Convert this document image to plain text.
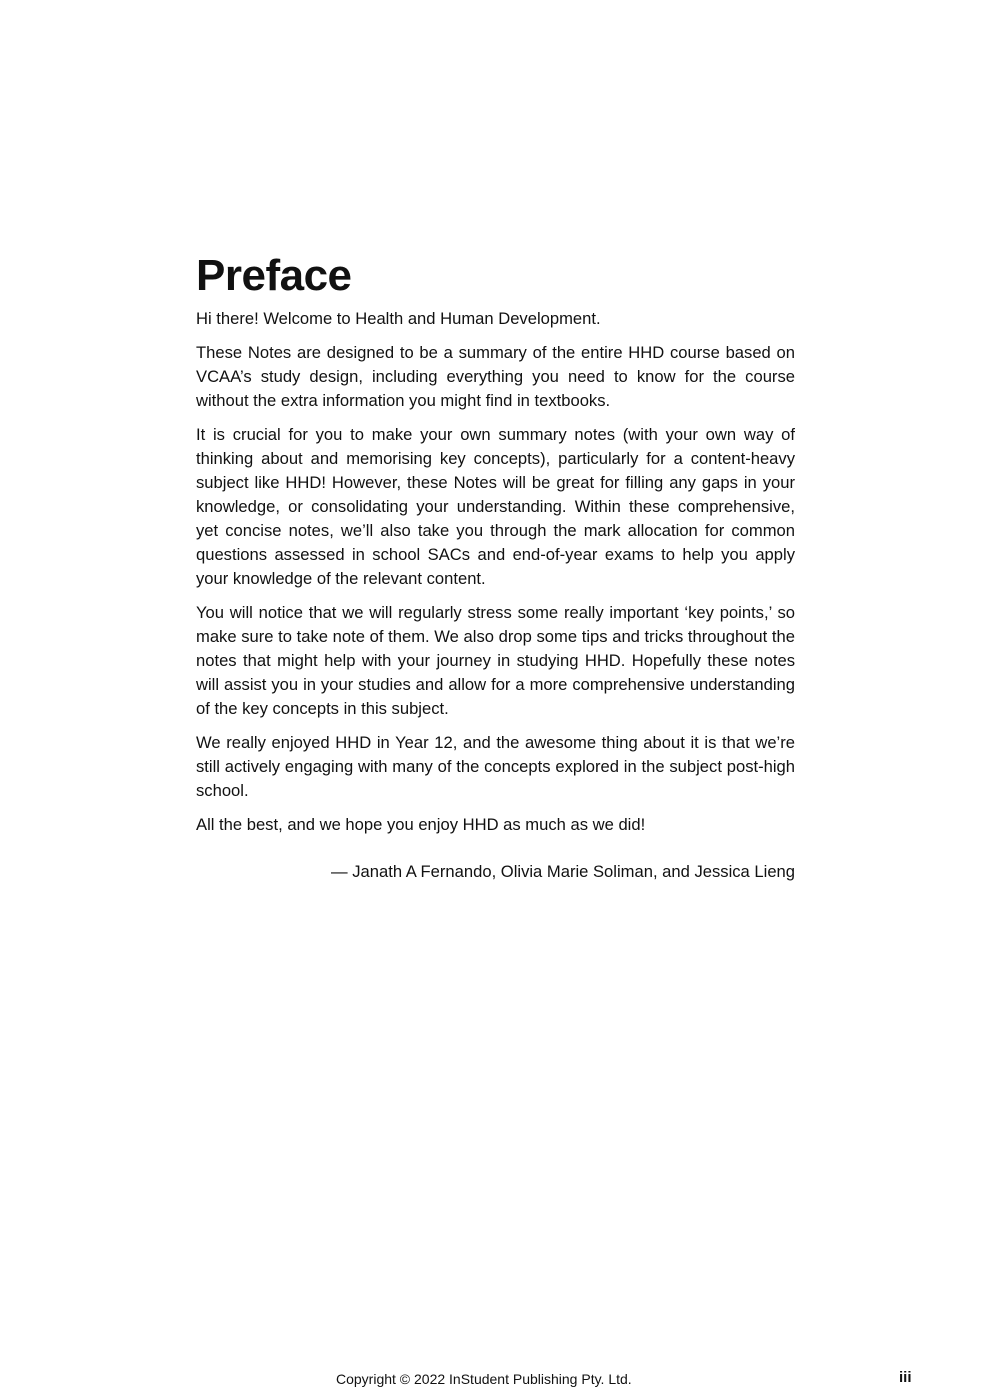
Preface

Hi there! Welcome to Health and Human Development.

These Notes are designed to be a summary of the entire HHD course based on VCAA’s study design, including everything you need to know for the course without the extra information you might find in textbooks.

It is crucial for you to make your own summary notes (with your own way of thinking about and memorising key concepts), particularly for a content-heavy subject like HHD! However, these Notes will be great for filling any gaps in your knowledge, or consolidating your understanding. Within these comprehensive, yet concise notes, we’ll also take you through the mark allocation for common questions assessed in school SACs and end-of-year exams to help you apply your knowledge of the relevant content.

You will notice that we will regularly stress some really important ‘key points,’ so make sure to take note of them. We also drop some tips and tricks throughout the notes that might help with your journey in studying HHD. Hopefully these notes will assist you in your studies and allow for a more comprehensive understanding of the key concepts in this subject.

We really enjoyed HHD in Year 12, and the awesome thing about it is that we’re still actively engaging with many of the concepts explored in the subject post-high school.

All the best, and we hope you enjoy HHD as much as we did!

— Janath A Fernando, Olivia Marie Soliman, and Jessica Lieng

Copyright © 2022 InStudent Publishing Pty. Ltd.	iii
